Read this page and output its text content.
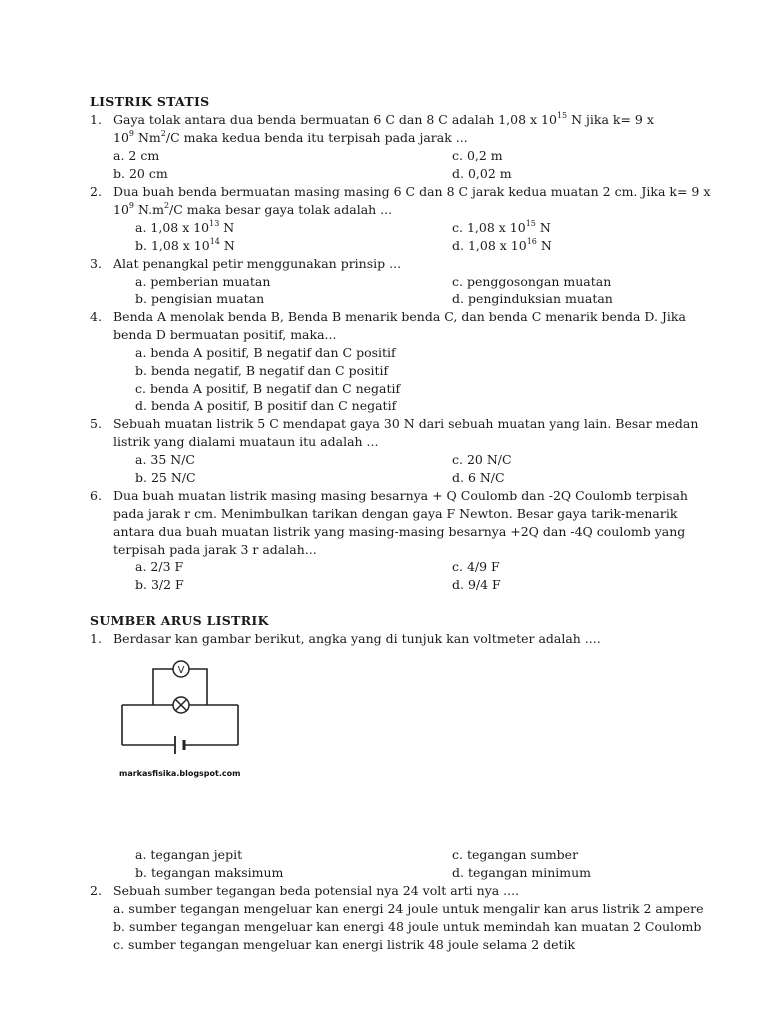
LISTRIK STATIS
1. Gaya tolak antara dua benda bermuatan 6 C dan 8 C adalah 1,08 x $10^{15}$ N jika k= 9 x
$10^9$ Nm$^2$/C maka kedua benda itu terpisah pada jarak ...
a. 2 cm
b. 20 cm
c. 0,2 m
d. 0,02 m
2. Dua buah benda bermuatan masing masing 6 C dan 8 C jarak kedua muatan 2 cm. Jika k= 9 x
$10^9$ $N.m^2/C$ maka besar gaya tolak adalah ...
a. 1,08 x $10^{13}$ N
b. 1,08 x $10^{14}$ N
c. 1,08 x $10^{15}$ N
d. 1,08 x $10^{16}$ N
3. Alat penangkal petir menggunakan prinsip ...
a. pemberian muatan
b. pengisian muatan
c. penggosongan muatan
d. penginduksian muatan
4. Benda A menolak benda B, Benda B menarik benda C, dan benda C menarik benda D. Jika
benda D bermuatan positif, maka...
a. benda A positif, B negatif dan C positif
b. benda negatif, B negatif dan C positif
c. benda A positif, B negatif dan C negatif
d. benda A positif, B positif dan C negatif
5. Sebuah muatan listrik 5 C mendapat gaya 30 N dari sebuah muatan yang lain. Besar medan
listrik yang dialami muataun itu adalah ...
a. 35 N/C
b. 25 N/C
c. 20 N/C
d. 6 N/C
6. Dua buah muatan listrik masing masing besarnya + Q Coulomb dan -2Q Coulomb terpisah
pada jarak r cm. Menimbulkan tarikan dengan gaya F Newton. Besar gaya tarik-menarik
antara dua buah muatan listrik yang masing-masing besarnya +2Q dan -4Q coulomb yang
terpisah pada jarak 3 r adalah...
a. 2/3 F
b. 3/2 F
c. 4/9 F
d. 9/4 F
SUMBER ARUS LISTRIK
1. Berdasar kan gambar berikut, angka yang di tunjuk kan voltmeter adalah ....
V
markasfisika.blogspot.com
a. tegangan jepit
b. tegangan maksimum
c. tegangan sumber
d. tegangan minimum
2. Sebuah sumber tegangan beda potensial nya 24 volt arti nya ....
a. sumber tegangan mengeluar kan energi 24 joule untuk mengalir kan arus listrik 2 ampere
b. sumber tegangan mengeluar kan energi 48 joule untuk memindah kan muatan 2 Coulomb
c. sumber tegangan mengeluar kan energi listrik 48 joule selama 2 detik
